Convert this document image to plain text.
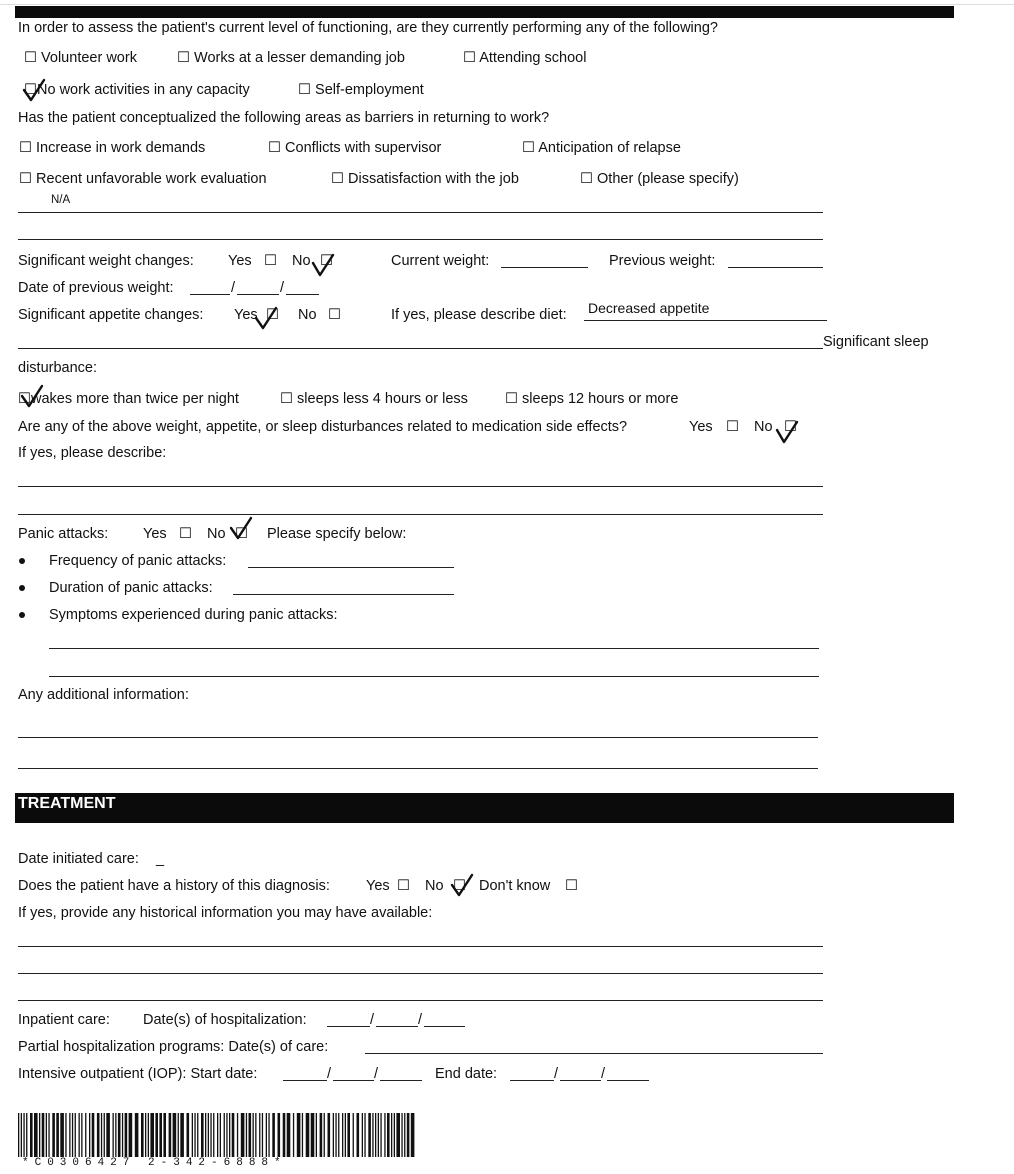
In order to assess the patient's current level of functioning, are they currently performing any of the following?
☐ Volunteer work	☐ Works at a lesser demanding job	☐ Attending school
☐No work activities in any capacity	☐ Self-employment
Has the patient conceptualized the following areas as barriers in returning to work?
☐ Increase in work demands	☐ Conflicts with supervisor	☐ Anticipation of relapse
☐ Recent unfavorable work evaluation	☐ Dissatisfaction with the job	☐ Other (please specify)
N/A
Significant weight changes: Yes ☐ No ☐	Current weight:	Previous weight:
Date of previous weight:	/	/
Significant appetite changes: Yes ☐ No ☐	If yes, please describe diet: Decreased appetite
Significant sleep
disturbance:
☐wakes more than twice per night	☐ sleeps less 4 hours or less	☐ sleeps 12 hours or more
Are any of the above weight, appetite, or sleep disturbances related to medication side effects?	Yes ☐ No ☐
If yes, please describe:
Panic attacks: Yes ☐ No ☐ Please specify below:
Frequency of panic attacks:
Duration of panic attacks:
Symptoms experienced during panic attacks:
Any additional information:
TREATMENT
Date initiated care: _
Does the patient have a history of this diagnosis: Yes ☐ No ☐ Don't know ☐
If yes, provide any historical information you may have available:
Inpatient care: Date(s) of hospitalization:	/	/
Partial hospitalization programs: Date(s) of care:
Intensive outpatient (IOP): Start date:	/	/	End date:	/	/
*C0306427 2-342-6888*
